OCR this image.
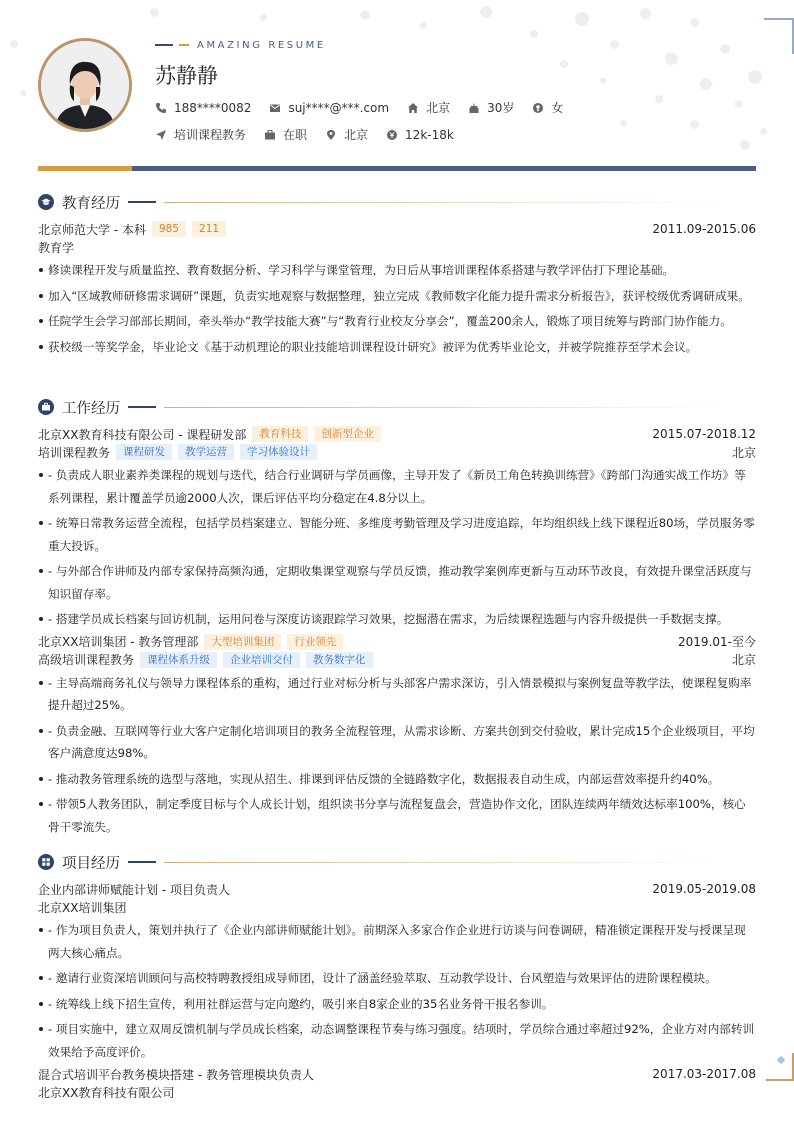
AMAZING RESUME
苏静静
188****0082	suj****@***.com	北京	30岁	女
培训课程教务	在职	北京	12k-18k
教育经历
北京师范大学 - 本科	985	211	2011.09-2015.06
教育学
修读课程开发与质量监控、教育数据分析、学习科学与课堂管理，为日后从事培训课程体系搭建与教学评估打下理论基础。
加入“区域教师研修需求调研”课题，负责实地观察与数据整理，独立完成《教师数字化能力提升需求分析报告》，获评校级优秀调研成果。
任院学生会学习部部长期间，牵头举办“教学技能大赛”与“教育行业校友分享会”，覆盖200余人，锻炼了项目统筹与跨部门协作能力。
获校级一等奖学金，毕业论文《基于动机理论的职业技能培训课程设计研究》被评为优秀毕业论文，并被学院推荐至学术会议。
工作经历
北京XX教育科技有限公司 - 课程研发部	教育科技	创新型企业	2015.07-2018.12
培训课程教务	课程研发	教学运营	学习体验设计	北京
- 负责成人职业素养类课程的规划与迭代，结合行业调研与学员画像，主导开发了《新员工角色转换训练营》《跨部门沟通实战工作坊》等系列课程，累计覆盖学员逾2000人次，课后评估平均分稳定在4.8分以上。
- 统筹日常教务运营全流程，包括学员档案建立、智能分班、多维度考勤管理及学习进度追踪，年均组织线上线下课程近80场，学员服务零重大投诉。
- 与外部合作讲师及内部专家保持高频沟通，定期收集课堂观察与学员反馈，推动教学案例库更新与互动环节改良，有效提升课堂活跃度与知识留存率。
- 搭建学员成长档案与回访机制，运用问卷与深度访谈跟踪学习效果，挖掘潜在需求，为后续课程选题与内容升级提供一手数据支撑。
北京XX培训集团 - 教务管理部	大型培训集团	行业领先	2019.01-至今
高级培训课程教务	课程体系升级	企业培训交付	教务数字化	北京
- 主导高端商务礼仪与领导力课程体系的重构，通过行业对标分析与头部客户需求深访，引入情景模拟与案例复盘等教学法，使课程复购率提升超过25%。
- 负责金融、互联网等行业大客户定制化培训项目的教务全流程管理，从需求诊断、方案共创到交付验收，累计完成15个企业级项目，平均客户满意度达98%。
- 推动教务管理系统的选型与落地，实现从招生、排课到评估反馈的全链路数字化，数据报表自动生成，内部运营效率提升约40%。
- 带领5人教务团队，制定季度目标与个人成长计划，组织读书分享与流程复盘会，营造协作文化，团队连续两年绩效达标率100%，核心骨干零流失。
项目经历
企业内部讲师赋能计划 - 项目负责人	2019.05-2019.08
北京XX培训集团
- 作为项目负责人，策划并执行了《企业内部讲师赋能计划》。前期深入多家合作企业进行访谈与问卷调研，精准锁定课程开发与授课呈现两大核心痛点。
- 邀请行业资深培训顾问与高校特聘教授组成导师团，设计了涵盖经验萃取、互动教学设计、台风塑造与效果评估的进阶课程模块。
- 统筹线上线下招生宣传，利用社群运营与定向邀约，吸引来自8家企业的35名业务骨干报名参训。
- 项目实施中，建立双周反馈机制与学员成长档案，动态调整课程节奏与练习强度。结项时，学员综合通过率超过92%，企业方对内部转训效果给予高度评价。
混合式培训平台教务模块搭建 - 教务管理模块负责人	2017.03-2017.08
北京XX教育科技有限公司
